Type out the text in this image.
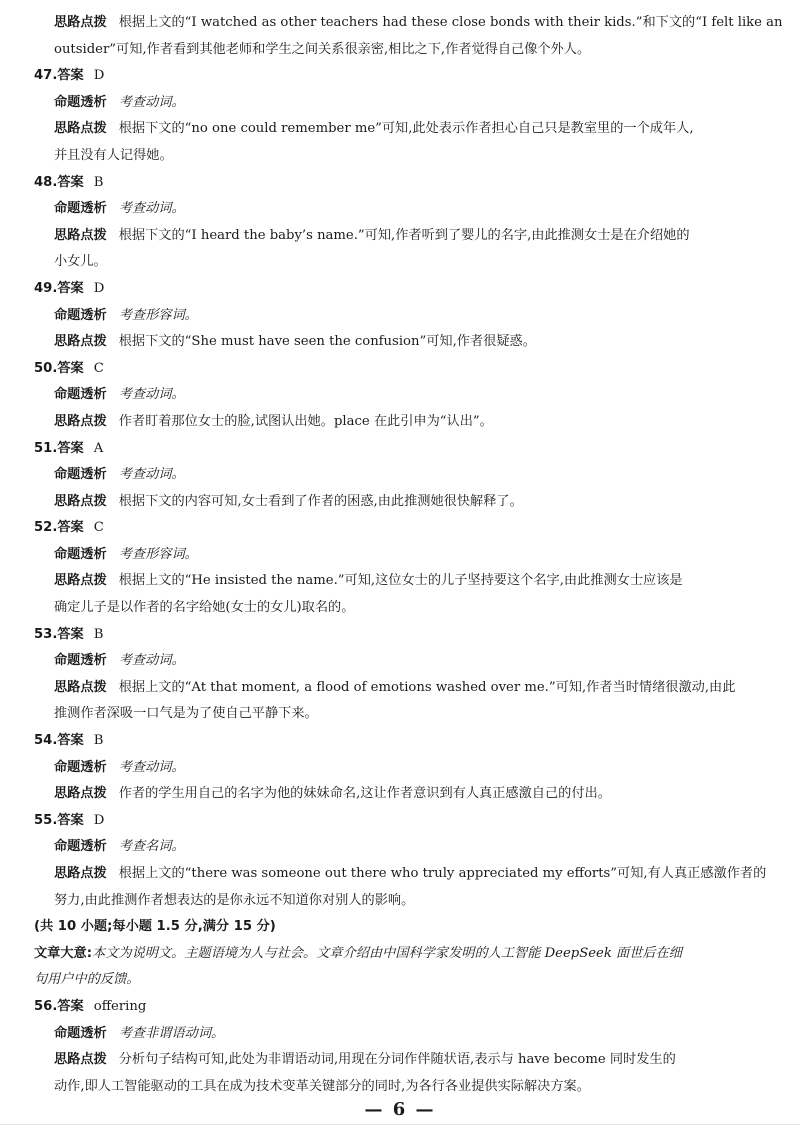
思路点拨 根据上文的“I watched as other teachers had these close bonds with their kids.”和下文的“I felt like an
outsider”可知,作者看到其他老师和学生之间关系很亲密,相比之下,作者觉得自己像个外人。
47.答案 D
命题透析 考查动词。
思路点拨 根据下文的“no one could remember me”可知,此处表示作者担心自己只是教室里的一个成年人,
并且没有人记得她。
48.答案 B
命题透析 考查动词。
思路点拨 根据下文的“I heard the baby’s name.”可知,作者听到了婴儿的名字,由此推测女士是在介绍她的
小女儿。
49.答案 D
命题透析 考查形容词。
思路点拨 根据下文的“She must have seen the confusion”可知,作者很疑惑。
50.答案 C
命题透析 考查动词。
思路点拨 作者盯着那位女士的脸,试图认出她。place 在此引申为“认出”。
51.答案 A
命题透析 考查动词。
思路点拨 根据下文的内容可知,女士看到了作者的困惑,由此推测她很快解释了。
52.答案 C
命题透析 考查形容词。
思路点拨 根据上文的“He insisted the name.”可知,这位女士的儿子坚持要这个名字,由此推测女士应该是
确定儿子是以作者的名字给她(女士的女儿)取名的。
53.答案 B
命题透析 考查动词。
思路点拨 根据上文的“At that moment, a flood of emotions washed over me.”可知,作者当时情绪很激动,由此
推测作者深吸一口气是为了使自己平静下来。
54.答案 B
命题透析 考查动词。
思路点拨 作者的学生用自己的名字为他的妹妹命名,这让作者意识到有人真正感激自己的付出。
55.答案 D
命题透析 考查名词。
思路点拨 根据上文的“there was someone out there who truly appreciated my efforts”可知,有人真正感激作者的
努力,由此推测作者想表达的是你永远不知道你对别人的影响。
(共 10 小题;每小题 1.5 分,满分 15 分)
文章大意:本文为说明文。主题语境为人与社会。文章介绍由中国科学家发明的人工智能 DeepSeek 面世后在细
句用户中的反馈。
56.答案 offering
命题透析 考查非谓语动词。
思路点拨 分析句子结构可知,此处为非谓语动词,用现在分词作伴随状语,表示与 have become 同时发生的
动作,即人工智能驱动的工具在成为技术变革关键部分的同时,为各行各业提供实际解决方案。
— 6 —
